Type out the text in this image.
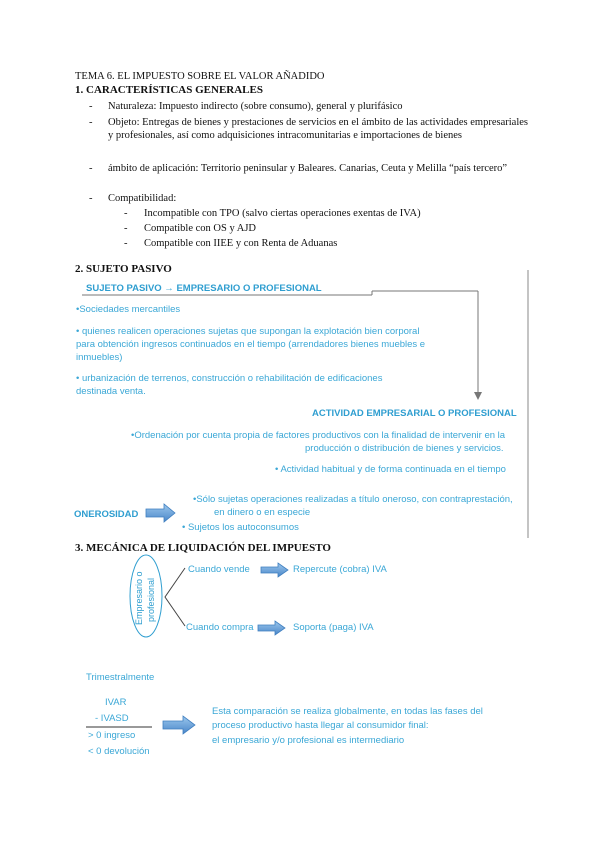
TEMA 6. EL IMPUESTO SOBRE EL VALOR AÑADIDO
1. CARACTERÍSTICAS GENERALES
- Naturaleza: Impuesto indirecto (sobre consumo), general y plurifásico
- Objeto: Entregas de bienes y prestaciones de servicios en el ámbito de las actividades empresariales y profesionales, así como adquisiciones intracomunitarias e importaciones de bienes
- ámbito de aplicación: Territorio peninsular y Baleares. Canarias, Ceuta y Melilla “país tercero”
- Compatibilidad:
- Incompatible con TPO (salvo ciertas operaciones exentas de IVA)
- Compatible con OS y AJD
- Compatible con IIEE y con Renta de Aduanas
2. SUJETO PASIVO
SUJETO PASIVO → EMPRESARIO O PROFESIONAL
•Sociedades mercantiles
• quienes realicen operaciones sujetas que supongan la explotación bien corporal
para obtención ingresos continuados en el tiempo (arrendadores bienes muebles e
inmuebles)
• urbanización de terrenos, construcción o rehabilitación de edificaciones
destinada venta.
ACTIVIDAD EMPRESARIAL O PROFESIONAL
•Ordenación por cuenta propia de factores productivos con la finalidad de intervenir en la
producción o distribución de bienes y servicios.
• Actividad habitual y de forma continuada en el tiempo
ONEROSIDAD
•Sólo sujetas operaciones realizadas a título oneroso, con contraprestación,
en dinero o en especie
• Sujetos los autoconsumos
3. MECÁNICA DE LIQUIDACIÓN DEL IMPUESTO
Cuando vende	Repercute (cobra) IVA
Cuando compra	Soporta (paga) IVA
Trimestralmente
IVAR
- IVASD
> 0 ingreso
< 0 devolución
Esta comparación se realiza globalmente, en todas las fases del
proceso productivo hasta llegar al consumidor final:
el empresario y/o profesional es intermediario
Empresario o profesional
